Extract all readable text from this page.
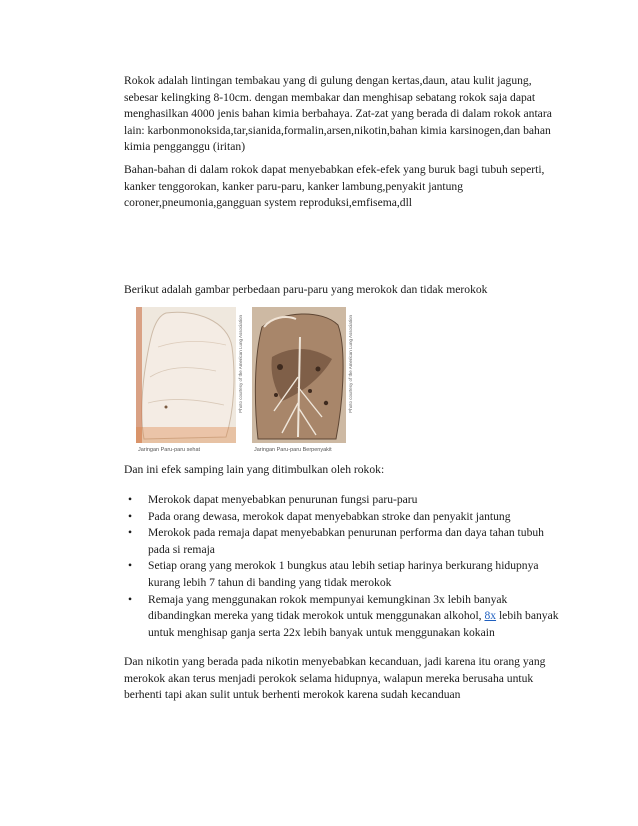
Rokok adalah lintingan tembakau yang di gulung dengan kertas,daun, atau kulit jagung, sebesar kelingking 8-10cm. dengan membakar dan menghisap sebatang rokok saja dapat menghasilkan 4000 jenis bahan kimia berbahaya. Zat-zat yang berada di dalam rokok antara lain: karbonmonoksida,tar,sianida,formalin,arsen,nikotin,bahan kimia karsinogen,dan bahan kimia pengganggu (iritan)

Bahan-bahan di dalam rokok dapat menyebabkan efek-efek yang buruk bagi tubuh seperti, kanker tenggorokan, kanker paru-paru, kanker lambung,penyakit jantung coroner,pneumonia,gangguan system reproduksi,emfisema,dll

Berikut adalah gambar perbedaan paru-paru yang merokok dan tidak merokok

Photo courtesy of the American Lung Association	Photo courtesy of the American Lung Association
Jaringan Paru-paru sehat	Jaringan Paru-paru Berpenyakit

Dan ini efek samping lain yang ditimbulkan oleh rokok:

• Merokok dapat menyebabkan penurunan fungsi paru-paru
• Pada orang dewasa, merokok dapat menyebabkan stroke dan penyakit jantung
• Merokok pada remaja dapat menyebabkan penurunan performa dan daya tahan tubuh pada si remaja
• Setiap orang yang merokok 1 bungkus atau lebih setiap harinya berkurang hidupnya kurang lebih 7 tahun di banding yang tidak merokok
• Remaja yang menggunakan rokok mempunyai kemungkinan 3x lebih banyak dibandingkan mereka yang tidak merokok untuk menggunakan alkohol, 8x lebih banyak untuk menghisap ganja serta 22x lebih banyak untuk menggunakan kokain

Dan nikotin yang berada pada nikotin menyebabkan kecanduan, jadi karena itu orang yang merokok akan terus menjadi perokok selama hidupnya, walapun mereka berusaha untuk berhenti tapi akan sulit untuk berhenti merokok karena sudah kecanduan
